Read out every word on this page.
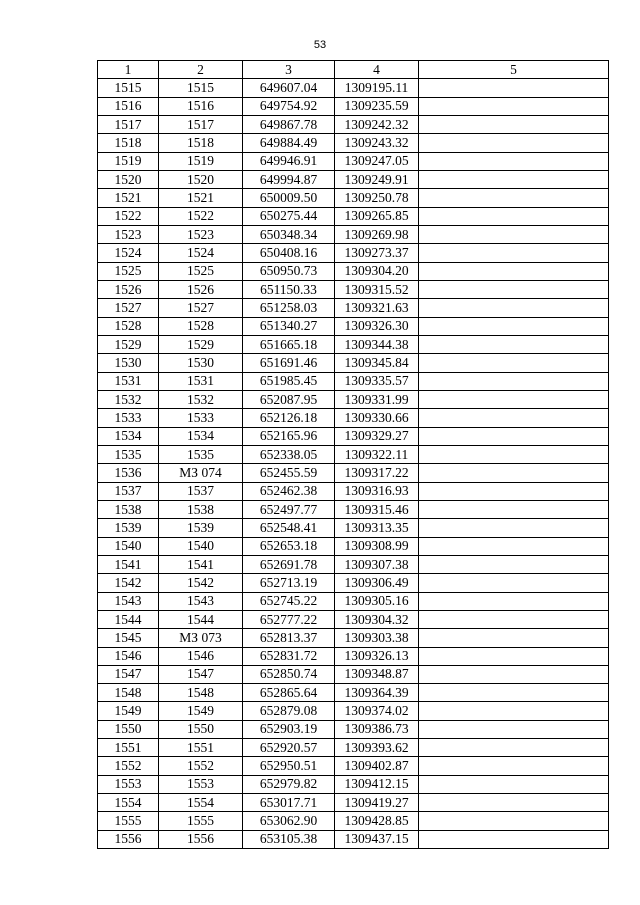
53
1	2	3	4	5
1515	1515	649607.04	1309195.11	
1516	1516	649754.92	1309235.59	
1517	1517	649867.78	1309242.32	
1518	1518	649884.49	1309243.32	
1519	1519	649946.91	1309247.05	
1520	1520	649994.87	1309249.91	
1521	1521	650009.50	1309250.78	
1522	1522	650275.44	1309265.85	
1523	1523	650348.34	1309269.98	
1524	1524	650408.16	1309273.37	
1525	1525	650950.73	1309304.20	
1526	1526	651150.33	1309315.52	
1527	1527	651258.03	1309321.63	
1528	1528	651340.27	1309326.30	
1529	1529	651665.18	1309344.38	
1530	1530	651691.46	1309345.84	
1531	1531	651985.45	1309335.57	
1532	1532	652087.95	1309331.99	
1533	1533	652126.18	1309330.66	
1534	1534	652165.96	1309329.27	
1535	1535	652338.05	1309322.11	
1536	МЗ 074	652455.59	1309317.22	
1537	1537	652462.38	1309316.93	
1538	1538	652497.77	1309315.46	
1539	1539	652548.41	1309313.35	
1540	1540	652653.18	1309308.99	
1541	1541	652691.78	1309307.38	
1542	1542	652713.19	1309306.49	
1543	1543	652745.22	1309305.16	
1544	1544	652777.22	1309304.32	
1545	МЗ 073	652813.37	1309303.38	
1546	1546	652831.72	1309326.13	
1547	1547	652850.74	1309348.87	
1548	1548	652865.64	1309364.39	
1549	1549	652879.08	1309374.02	
1550	1550	652903.19	1309386.73	
1551	1551	652920.57	1309393.62	
1552	1552	652950.51	1309402.87	
1553	1553	652979.82	1309412.15	
1554	1554	653017.71	1309419.27	
1555	1555	653062.90	1309428.85	
1556	1556	653105.38	1309437.15	
